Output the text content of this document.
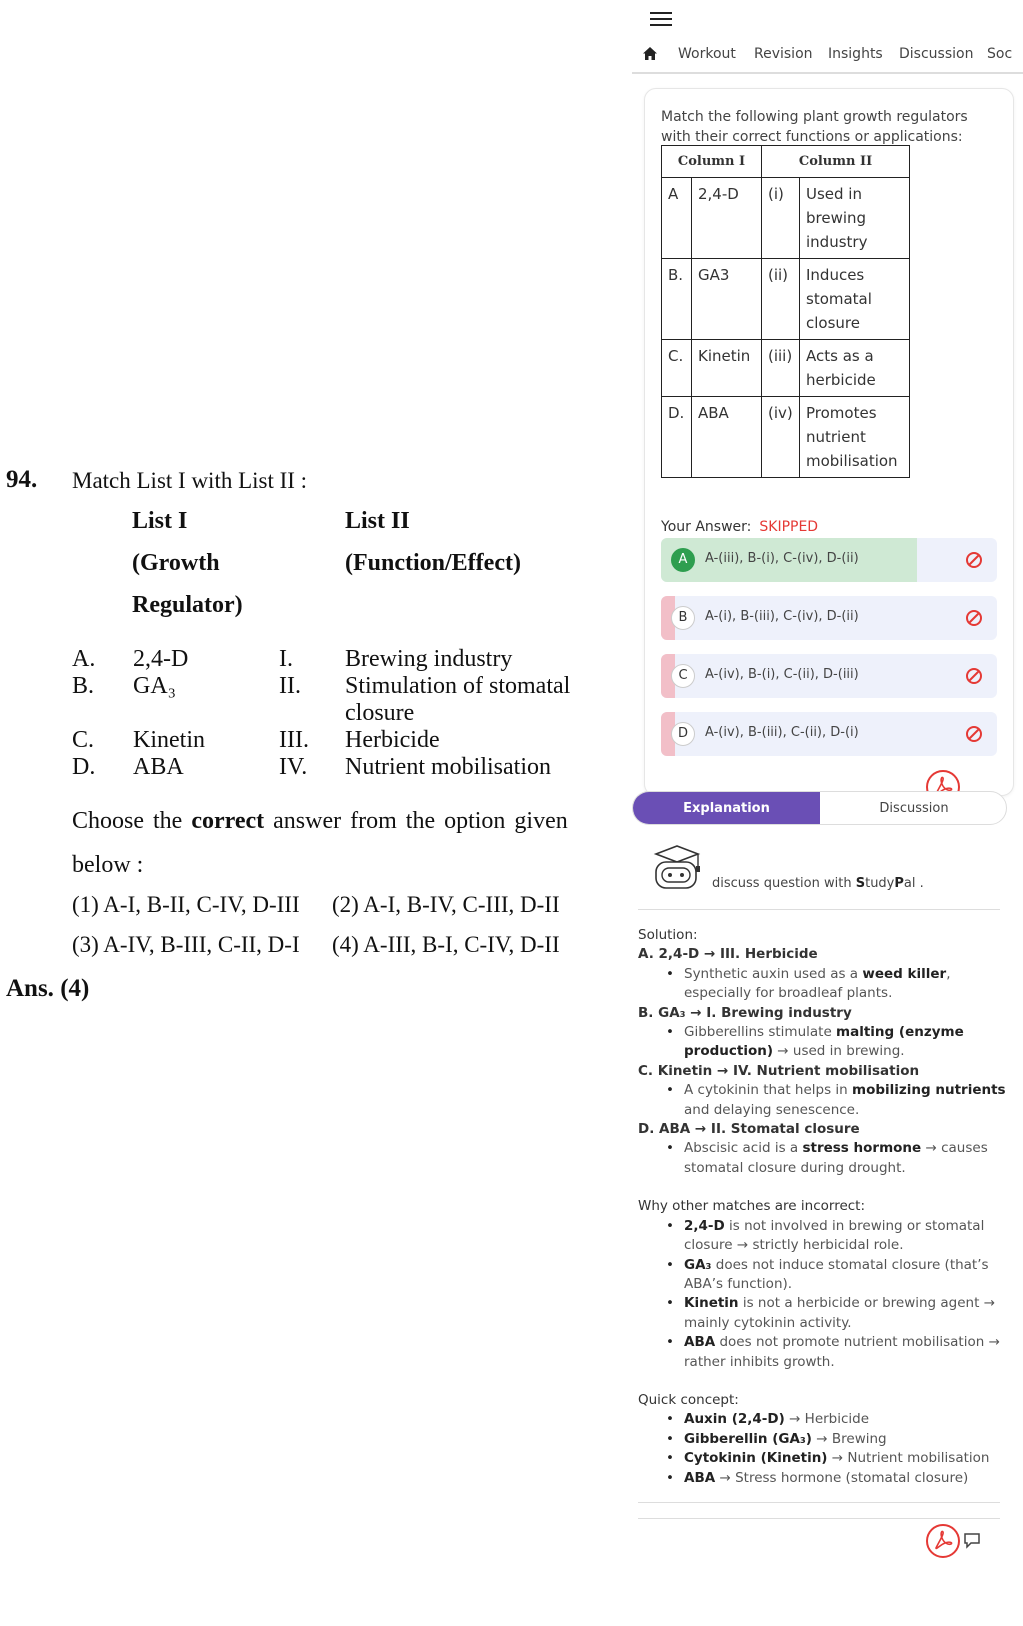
94. Match List I with List II :
List I
(Growth
Regulator)
List II
(Function/Effect)
A. 2,4-D	I. Brewing industry
B. GA₃	II. Stimulation of stomatal closure
C. Kinetin	III. Herbicide
D. ABA	IV. Nutrient mobilisation
Choose the correct answer from the option given
below :
(1) A-I, B-II, C-IV, D-III (2) A-I, B-IV, C-III, D-II
(3) A-IV, B-III, C-II, D-I (4) A-III, B-I, C-IV, D-II
Ans. (4)
Workout Revision Insights Discussion Soc
Match the following plant growth regulators with their correct functions or applications:
Column I		Column II	
A	2,4-D	(i)	Used in brewing industry
B.	GA3	(ii)	Induces stomatal closure
C.	Kinetin	(iii)	Acts as a herbicide
D.	ABA	(iv)	Promotes nutrient mobilisation
Your Answer: SKIPPED
A	A-(iii), B-(i), C-(iv), D-(ii)
B	A-(i), B-(iii), C-(iv), D-(ii)
C	A-(iv), B-(i), C-(ii), D-(iii)
D	A-(iv), B-(iii), C-(ii), D-(i)
Explanation	Discussion
discuss question with StudyPal .
Solution:
A. 2,4-D → III. Herbicide
• Synthetic auxin used as a weed killer, especially for broadleaf plants.
B. GA₃ → I. Brewing industry
• Gibberellins stimulate malting (enzyme production) → used in brewing.
C. Kinetin → IV. Nutrient mobilisation
• A cytokinin that helps in mobilizing nutrients and delaying senescence.
D. ABA → II. Stomatal closure
• Abscisic acid is a stress hormone → causes stomatal closure during drought.
Why other matches are incorrect:
• 2,4-D is not involved in brewing or stomatal closure → strictly herbicidal role.
• GA₃ does not induce stomatal closure (that’s ABA’s function).
• Kinetin is not a herbicide or brewing agent → mainly cytokinin activity.
• ABA does not promote nutrient mobilisation → rather inhibits growth.
Quick concept:
• Auxin (2,4-D) → Herbicide
• Gibberellin (GA₃) → Brewing
• Cytokinin (Kinetin) → Nutrient mobilisation
• ABA → Stress hormone (stomatal closure)
